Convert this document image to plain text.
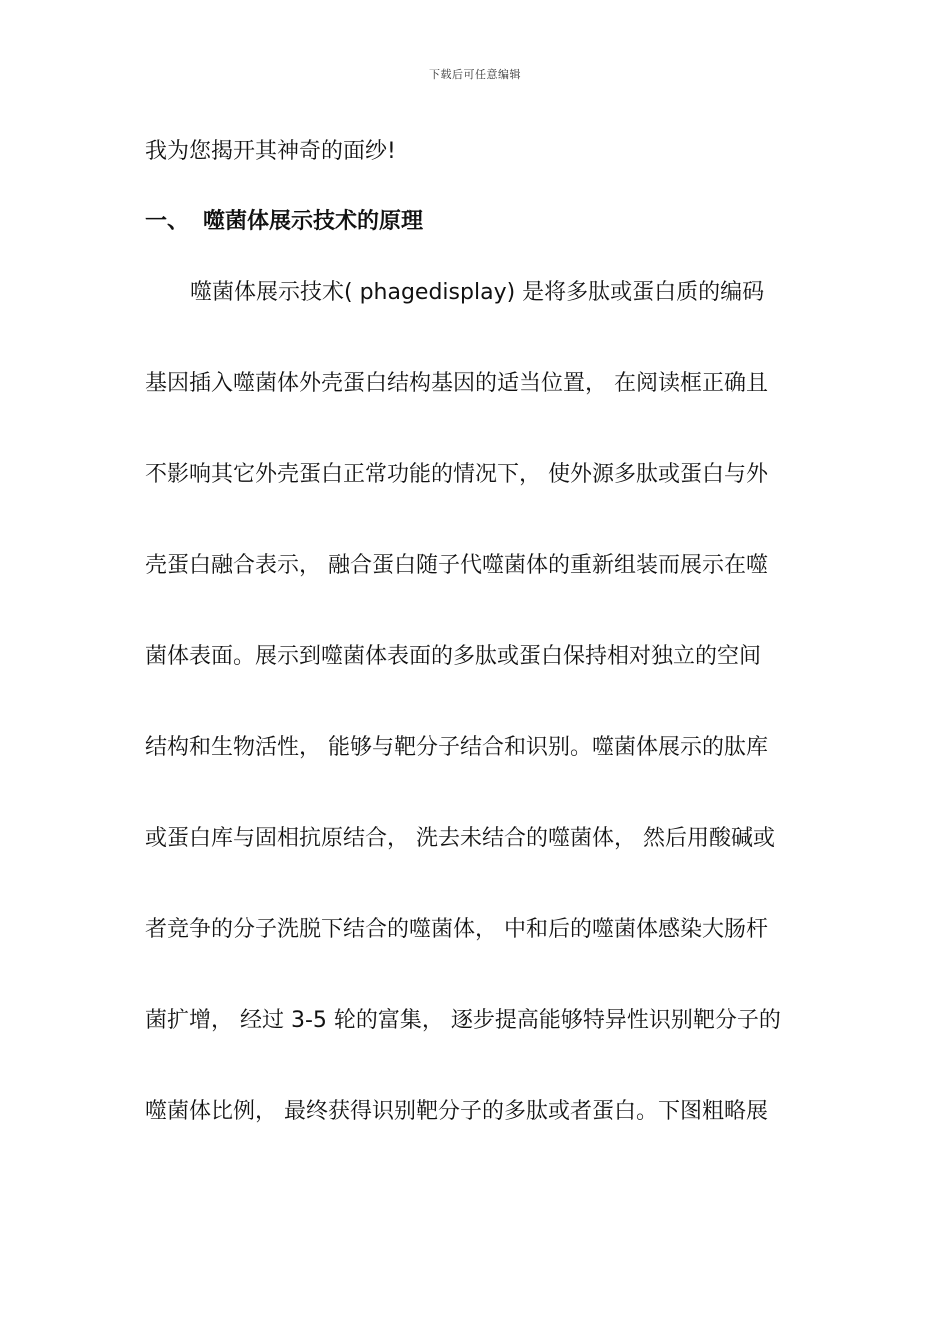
下载后可任意编辑
我为您揭开其神奇的面纱!
一、 噬菌体展示技术的原理
噬菌体展示技术( phagedisplay) 是将多肽或蛋白质的编码
基因插入噬菌体外壳蛋白结构基因的适当位置， 在阅读框正确且
不影响其它外壳蛋白正常功能的情况下， 使外源多肽或蛋白与外
壳蛋白融合表示， 融合蛋白随子代噬菌体的重新组装而展示在噬
菌体表面。展示到噬菌体表面的多肽或蛋白保持相对独立的空间
结构和生物活性， 能够与靶分子结合和识别。噬菌体展示的肽库
或蛋白库与固相抗原结合， 洗去未结合的噬菌体， 然后用酸碱或
者竞争的分子洗脱下结合的噬菌体， 中和后的噬菌体感染大肠杆
菌扩增， 经过 3-5 轮的富集， 逐步提高能够特异性识别靶分子的
噬菌体比例， 最终获得识别靶分子的多肽或者蛋白。下图粗略展
